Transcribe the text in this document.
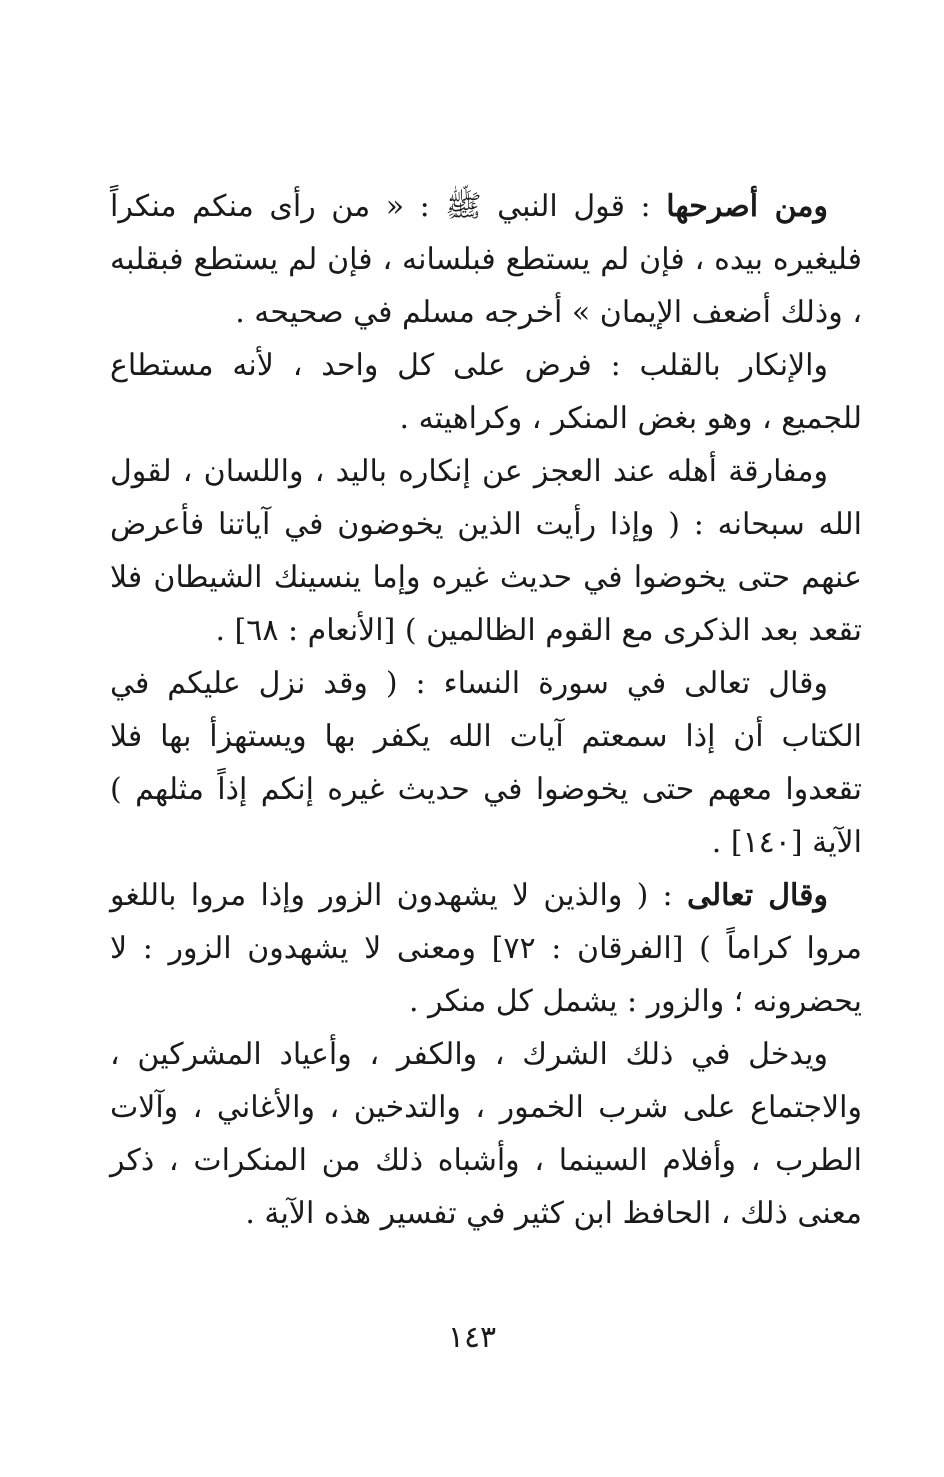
ومن أصرحها : قول النبي ﷺ : « من رأى منكم منكراً فليغيره بيده ، فإن لم يستطع فبلسانه ، فإن لم يستطع فبقلبه ، وذلك أضعف الإيمان » أخرجه مسلم في صحيحه .

والإنكار بالقلب : فرض على كل واحد ، لأنه مستطاع للجميع ، وهو بغض المنكر ، وكراهيته .

ومفارقة أهله عند العجز عن إنكاره باليد ، واللسان ، لقول الله سبحانه : ( وإذا رأيت الذين يخوضون في آياتنا فأعرض عنهم حتى يخوضوا في حديث غيره وإما ينسينك الشيطان فلا تقعد بعد الذكرى مع القوم الظالمين ) [الأنعام : ٦٨] .

وقال تعالى في سورة النساء : ( وقد نزل عليكم في الكتاب أن إذا سمعتم آيات الله يكفر بها ويستهزأ بها فلا تقعدوا معهم حتى يخوضوا في حديث غيره إنكم إذاً مثلهم ) الآية [١٤٠] .

وقال تعالى : ( والذين لا يشهدون الزور وإذا مروا باللغو مروا كراماً ) [الفرقان : ٧٢] ومعنى لا يشهدون الزور : لا يحضرونه ؛ والزور : يشمل كل منكر .

ويدخل في ذلك الشرك ، والكفر ، وأعياد المشركين ، والاجتماع على شرب الخمور ، والتدخين ، والأغاني ، وآلات الطرب ، وأفلام السينما ، وأشباه ذلك من المنكرات ، ذكر معنى ذلك ، الحافظ ابن كثير في تفسير هذه الآية .

١٤٣
